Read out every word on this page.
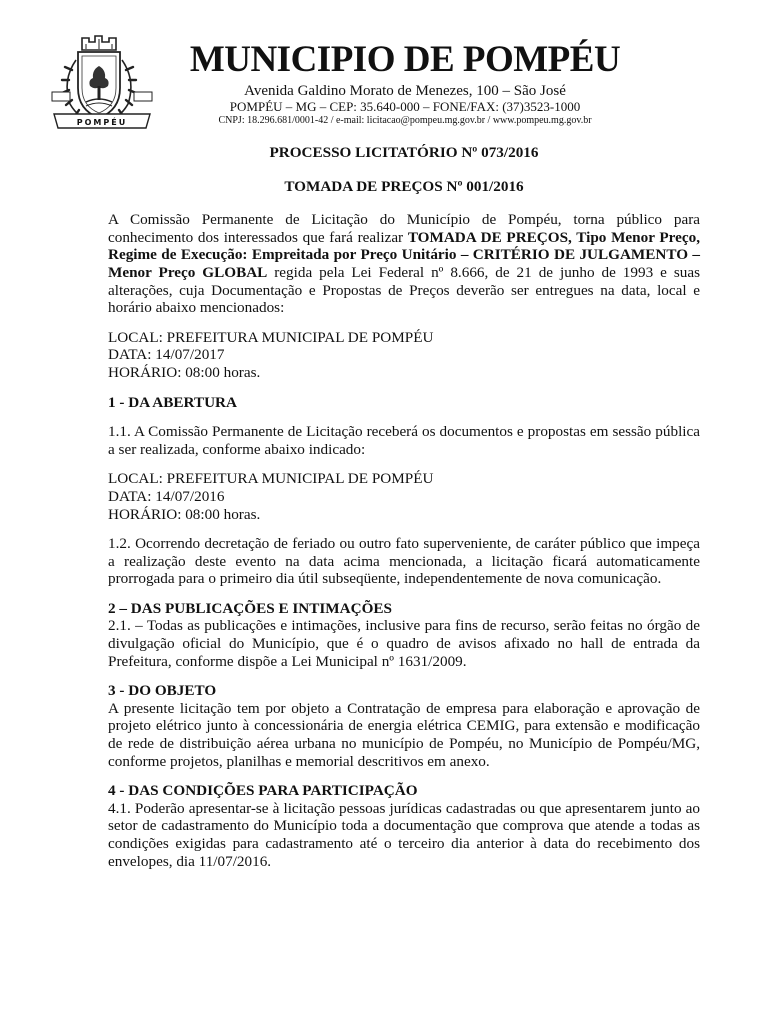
POMPÉU
MUNICIPIO DE POMPÉU
Avenida Galdino Morato de Menezes, 100 – São José
POMPÉU – MG – CEP: 35.640-000 – FONE/FAX: (37)3523-1000
CNPJ: 18.296.681/0001-42 / e-mail: licitacao@pompeu.mg.gov.br / www.pompeu.mg.gov.br

PROCESSO LICITATÓRIO Nº 073/2016

TOMADA DE PREÇOS Nº 001/2016

A Comissão Permanente de Licitação do Município de Pompéu, torna público para conhecimento dos interessados que fará realizar TOMADA DE PREÇOS, Tipo Menor Preço, Regime de Execução: Empreitada por Preço Unitário – CRITÉRIO DE JULGAMENTO – Menor Preço GLOBAL regida pela Lei Federal nº 8.666, de 21 de junho de 1993 e suas alterações, cuja Documentação e Propostas de Preços deverão ser entregues na data, local e horário abaixo mencionados:

LOCAL: PREFEITURA MUNICIPAL DE POMPÉU

DATA: 14/07/2017

HORÁRIO: 08:00 horas.

1 - DA ABERTURA

1.1. A Comissão Permanente de Licitação receberá os documentos e propostas em sessão pública a ser realizada, conforme abaixo indicado:

LOCAL: PREFEITURA MUNICIPAL DE POMPÉU

DATA: 14/07/2016

HORÁRIO: 08:00 horas.

1.2. Ocorrendo decretação de feriado ou outro fato superveniente, de caráter público que impeça a realização deste evento na data acima mencionada, a licitação ficará automaticamente prorrogada para o primeiro dia útil subseqüente, independentemente de nova comunicação.

2 – DAS PUBLICAÇÕES E INTIMAÇÕES

2.1. – Todas as publicações e intimações, inclusive para fins de recurso, serão feitas no órgão de divulgação oficial do Município, que é o quadro de avisos afixado no hall de entrada da Prefeitura, conforme dispõe a Lei Municipal nº 1631/2009.

3 - DO OBJETO

A presente licitação tem por objeto a Contratação de empresa para elaboração e aprovação de projeto elétrico junto à concessionária de energia elétrica CEMIG, para extensão e modificação de rede de distribuição aérea urbana no município de Pompéu, no Município de Pompéu/MG, conforme projetos, planilhas e memorial descritivos em anexo.

4 - DAS CONDIÇÕES PARA PARTICIPAÇÃO

4.1. Poderão apresentar-se à licitação pessoas jurídicas cadastradas ou que apresentarem junto ao setor de cadastramento do Município toda a documentação que comprova que atende a todas as condições exigidas para cadastramento até o terceiro dia anterior à data do recebimento dos envelopes, dia 11/07/2016.
